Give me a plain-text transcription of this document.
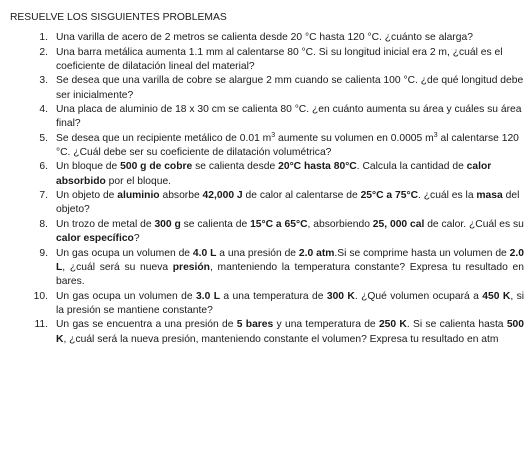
RESUELVE LOS SISGUIENTES PROBLEMAS
1. Una varilla de acero de 2 metros se calienta desde 20 °C hasta 120 °C. ¿cuánto se alarga?
2. Una barra metálica aumenta 1.1 mm al calentarse 80 °C. Si su longitud inicial era 2 m, ¿cuál es el coeficiente de dilatación lineal del material?
3. Se desea que una varilla de cobre se alargue 2 mm cuando se calienta 100 °C. ¿de qué longitud debe ser inicialmente?
4. Una placa de aluminio de 18 x 30 cm se calienta 80 °C. ¿en cuánto aumenta su área y cuáles su área final?
5. Se desea que un recipiente metálico de 0.01 $m^3$ aumente su volumen en 0.0005 $m^3$ al calentarse 120 °C. ¿Cuál debe ser su coeficiente de dilatación volumétrica?
6. Un bloque de 500 g de cobre se calienta desde 20°C hasta 80°C. Calcula la cantidad de calor absorbido por el bloque.
7. Un objeto de aluminio absorbe 42,000 J de calor al calentarse de 25°C a 75°C. ¿cuál es la masa del objeto?
8. Un trozo de metal de 300 g se calienta de 15°C a 65°C, absorbiendo 25, 000 cal de calor. ¿Cuál es su calor específico?
9. Un gas ocupa un volumen de 4.0 L a una presión de 2.0 atm.Si se comprime hasta un volumen de 2.0 L, ¿cuál será su nueva presión, manteniendo la temperatura constante? Expresa tu resultado en bares.
10. Un gas ocupa un volumen de 3.0 L a una temperatura de 300 K. ¿Qué volumen ocupará a 450 K, si la presión se mantiene constante?
11. Un gas se encuentra a una presión de 5 bares y una temperatura de 250 K. Si se calienta hasta 500 K, ¿cuál será la nueva presión, manteniendo constante el volumen? Expresa tu resultado en atm
